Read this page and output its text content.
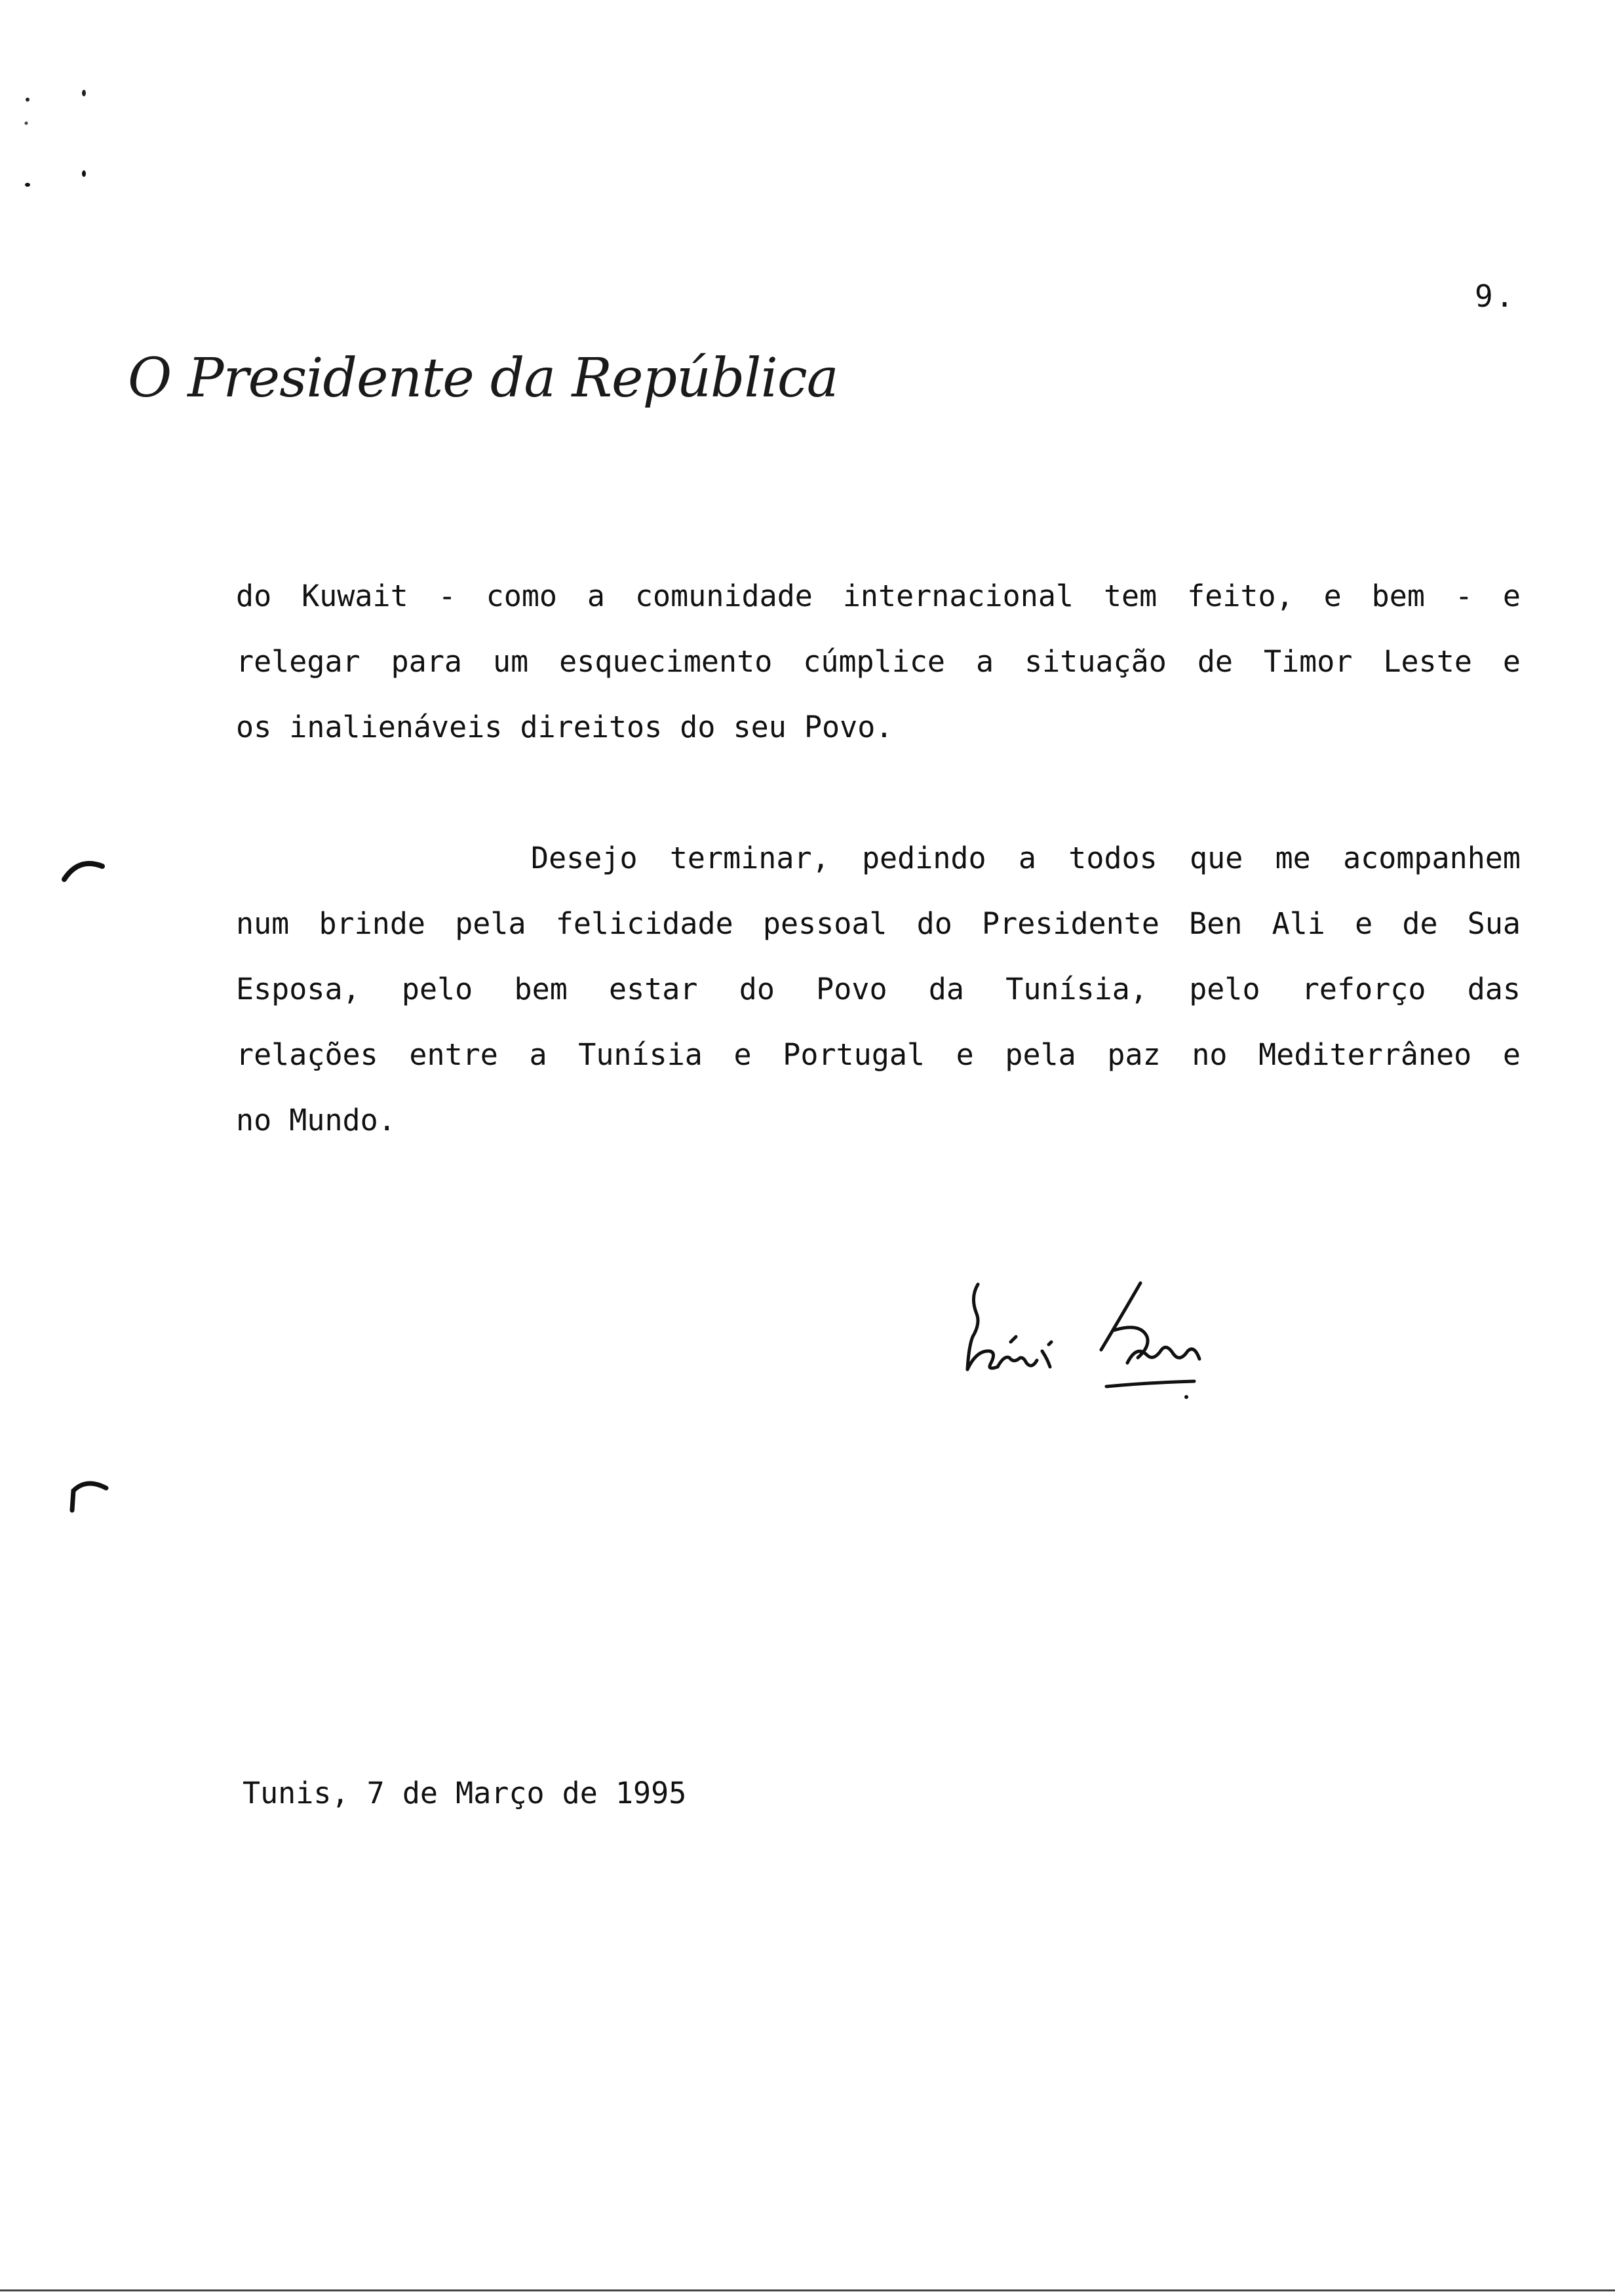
9.
O Presidente da República

do Kuwait - como a comunidade internacional tem feito, e bem - e
relegar para um esquecimento cúmplice a situação de Timor Leste e
os inalienáveis direitos do seu Povo.

Desejo terminar, pedindo a todos que me acompanhem
num brinde pela felicidade pessoal do Presidente Ben Ali e de Sua
Esposa, pelo bem estar do Povo da Tunísia, pelo reforço das
relações entre a Tunísia e Portugal e pela paz no Mediterrâneo e
no Mundo.

Tunis, 7 de Março de 1995
